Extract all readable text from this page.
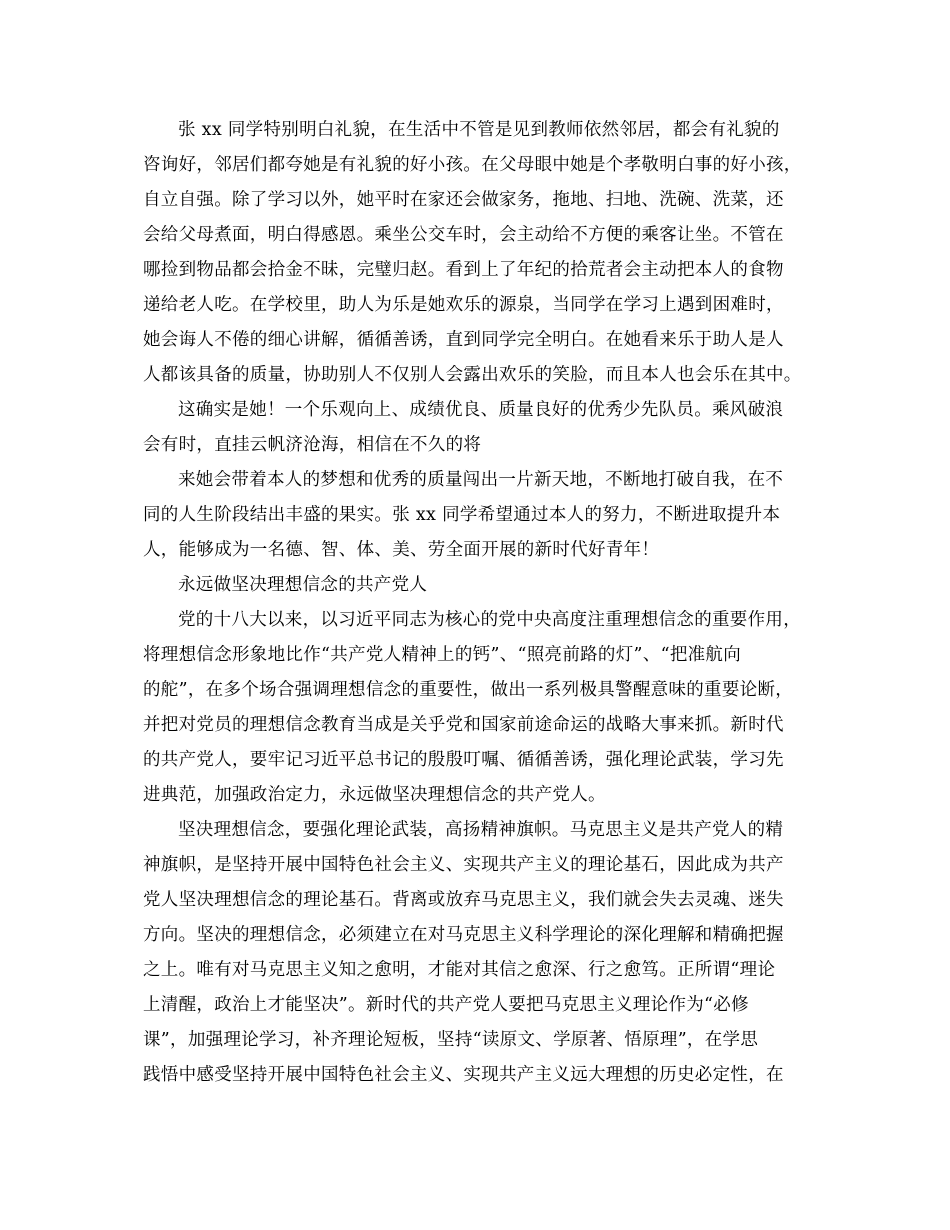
张 xx 同学特别明白礼貌，在生活中不管是见到教师依然邻居，都会有礼貌的
咨询好，邻居们都夸她是有礼貌的好小孩。在父母眼中她是个孝敬明白事的好小孩，
自立自强。除了学习以外，她平时在家还会做家务，拖地、扫地、洗碗、洗菜，还
会给父母煮面，明白得感恩。乘坐公交车时，会主动给不方便的乘客让坐。不管在
哪捡到物品都会拾金不昧，完璧归赵。看到上了年纪的拾荒者会主动把本人的食物
递给老人吃。在学校里，助人为乐是她欢乐的源泉，当同学在学习上遇到困难时，
她会诲人不倦的细心讲解，循循善诱，直到同学完全明白。在她看来乐于助人是人
人都该具备的质量，协助别人不仅别人会露出欢乐的笑脸，而且本人也会乐在其中。
这确实是她！一个乐观向上、成绩优良、质量良好的优秀少先队员。乘风破浪
会有时，直挂云帆济沧海，相信在不久的将
来她会带着本人的梦想和优秀的质量闯出一片新天地，不断地打破自我，在不
同的人生阶段结出丰盛的果实。张 xx 同学希望通过本人的努力，不断进取提升本
人，能够成为一名德、智、体、美、劳全面开展的新时代好青年！
永远做坚决理想信念的共产党人
党的十八大以来，以习近平同志为核心的党中央高度注重理想信念的重要作用，
将理想信念形象地比作“共产党人精神上的钙”、“照亮前路的灯”、“把准航向
的舵”，在多个场合强调理想信念的重要性，做出一系列极具警醒意味的重要论断，
并把对党员的理想信念教育当成是关乎党和国家前途命运的战略大事来抓。新时代
的共产党人，要牢记习近平总书记的殷殷叮嘱、循循善诱，强化理论武装，学习先
进典范，加强政治定力，永远做坚决理想信念的共产党人。
坚决理想信念，要强化理论武装，高扬精神旗帜。马克思主义是共产党人的精
神旗帜，是坚持开展中国特色社会主义、实现共产主义的理论基石，因此成为共产
党人坚决理想信念的理论基石。背离或放弃马克思主义，我们就会失去灵魂、迷失
方向。坚决的理想信念，必须建立在对马克思主义科学理论的深化理解和精确把握
之上。唯有对马克思主义知之愈明，才能对其信之愈深、行之愈笃。正所谓“理论
上清醒，政治上才能坚决”。新时代的共产党人要把马克思主义理论作为“必修
课”，加强理论学习，补齐理论短板，坚持“读原文、学原著、悟原理”，在学思
践悟中感受坚持开展中国特色社会主义、实现共产主义远大理想的历史必定性，在
